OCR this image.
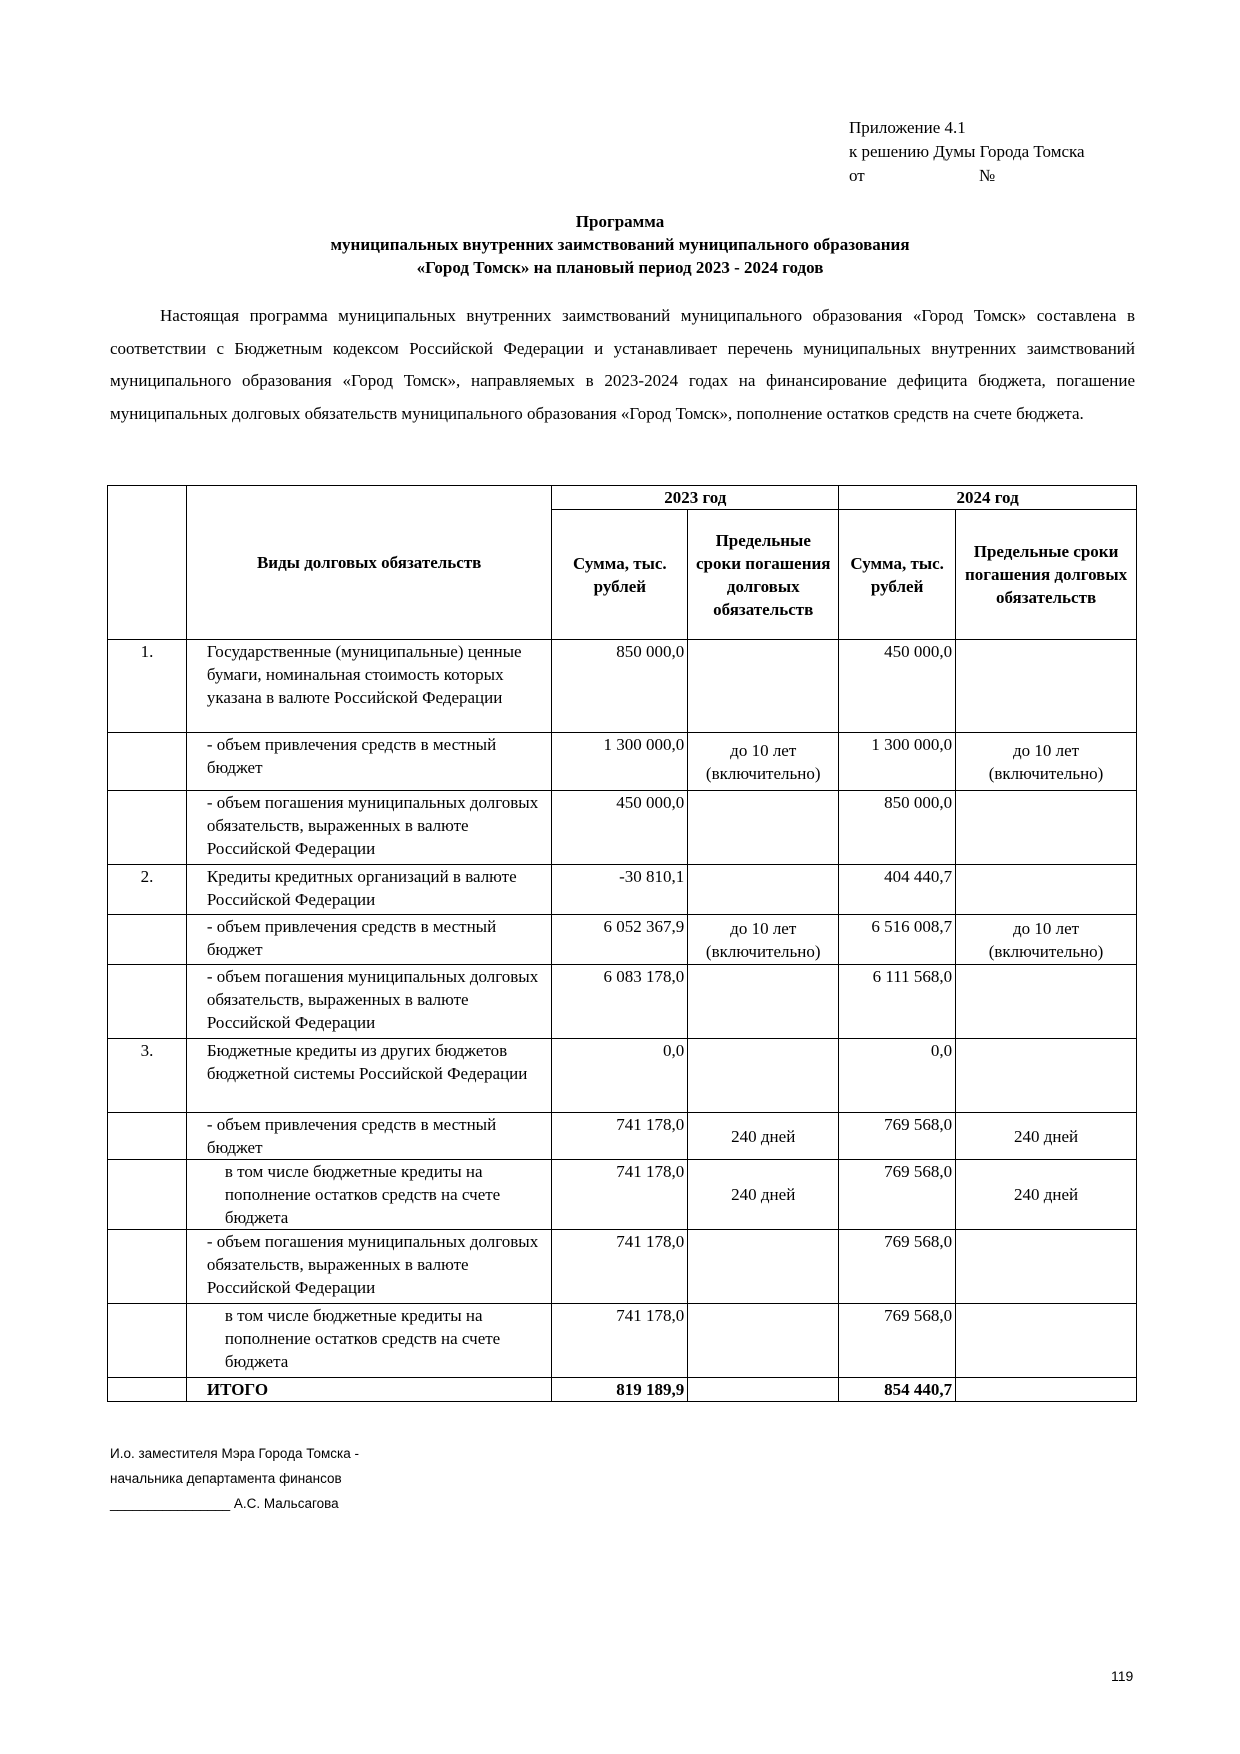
Приложение 4.1
к решению Думы Города Томска
от	№
Программа
муниципальных внутренних заимствований муниципального образования
«Город Томск» на плановый период 2023 - 2024 годов
Настоящая программа муниципальных внутренних заимствований муниципального образования «Город Томск» составлена в соответствии с Бюджетным кодексом Российской Федерации и устанавливает перечень муниципальных внутренних заимствований муниципального образования «Город Томск», направляемых в 2023-2024 годах на финансирование дефицита бюджета, погашение муниципальных долговых обязательств муниципального образования «Город Томск», пополнение остатков средств на счете бюджета.
	Виды долговых обязательств	2023 год		2024 год	
		Сумма, тыс. рублей	Предельные сроки погашения долговых обязательств	Сумма, тыс. рублей	Предельные сроки погашения долговых обязательств
1.	Государственные (муниципальные) ценные бумаги, номинальная стоимость которых указана в валюте Российской Федерации	850 000,0		450 000,0	
	- объем привлечения средств в местный бюджет	1 300 000,0	до 10 лет (включительно)	1 300 000,0	до 10 лет (включительно)
	- объем погашения муниципальных долговых обязательств, выраженных в валюте Российской Федерации	450 000,0		850 000,0	
2.	Кредиты кредитных организаций в валюте Российской Федерации	-30 810,1		404 440,7	
	- объем привлечения средств в местный бюджет	6 052 367,9	до 10 лет (включительно)	6 516 008,7	до 10 лет (включительно)
	- объем погашения муниципальных долговых обязательств, выраженных в валюте Российской Федерации	6 083 178,0		6 111 568,0	
3.	Бюджетные кредиты из других бюджетов бюджетной системы Российской Федерации	0,0		0,0	
	- объем привлечения средств в местный бюджет	741 178,0	240 дней	769 568,0	240 дней
	в том числе бюджетные кредиты на пополнение остатков средств на счете бюджета	741 178,0	240 дней	769 568,0	240 дней
	- объем погашения муниципальных долговых обязательств, выраженных в валюте Российской Федерации	741 178,0		769 568,0	
	в том числе бюджетные кредиты на пополнение остатков средств на счете бюджета	741 178,0		769 568,0	
	ИТОГО	819 189,9		854 440,7	
И.о. заместителя Мэра Города Томска -
начальника департамента финансов
________________ А.С. Мальсагова
119
